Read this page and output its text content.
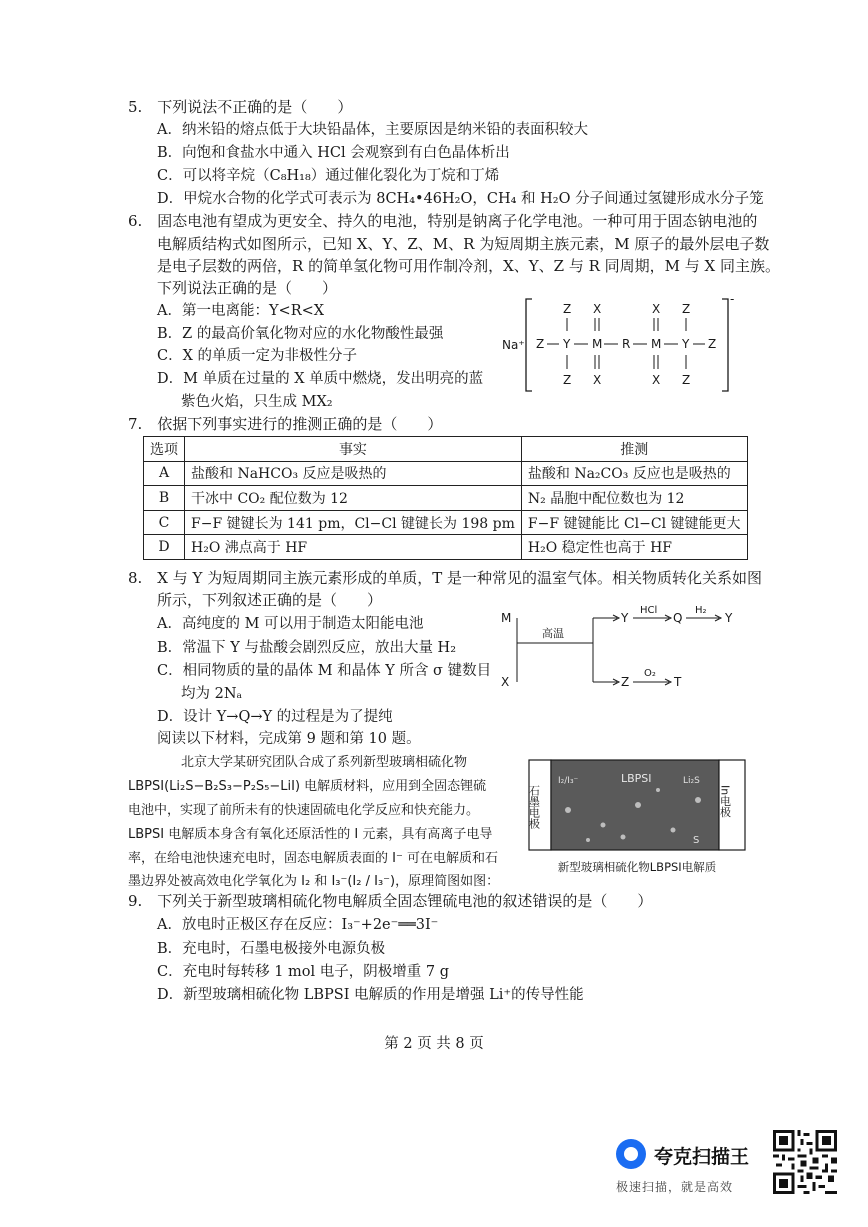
5.　下列说法不正确的是（　　）
A．纳米铅的熔点低于大块铅晶体，主要原因是纳米铅的表面积较大
B．向饱和食盐水中通入 HCl 会观察到有白色晶体析出
C．可以将辛烷（C₈H₁₈）通过催化裂化为丁烷和丁烯
D．甲烷水合物的化学式可表示为 8CH₄•46H₂O，CH₄ 和 H₂O 分子间通过氢键形成水分子笼
6.　固态电池有望成为更安全、持久的电池，特别是钠离子化学电池。一种可用于固态钠电池的
电解质结构式如图所示，已知 X、Y、Z、M、R 为短周期主族元素，M 原子的最外层电子数
是电子层数的两倍，R 的简单氢化物可用作制冷剂，X、Y、Z 与 R 同周期，M 与 X 同主族。
下列说法正确的是（　　）
A．第一电离能：Y<R<X
B．Z 的最高价氧化物对应的水化物酸性最强
C．X 的单质一定为非极性分子
D．M 单质在过量的 X 单质中燃烧，发出明亮的蓝
紫色火焰，只生成 MX₂
Na⁺
-
Z X	X Z
Z Y M R M Y Z
Z X	X Z
7.　依据下列事实进行的推测正确的是（　　）
选项	事实	推测
A	盐酸和 NaHCO₃ 反应是吸热的	盐酸和 Na₂CO₃ 反应也是吸热的
B	干冰中 CO₂ 配位数为 12	N₂ 晶胞中配位数也为 12
C	F−F 键键长为 141 pm，Cl−Cl 键键长为 198 pm	F−F 键键能比 Cl−Cl 键键能更大
D	H₂O 沸点高于 HF	H₂O 稳定性也高于 HF
8.　X 与 Y 为短周期同主族元素形成的单质，T 是一种常见的温室气体。相关物质转化关系如图
所示，下列叙述正确的是（　　）
A．高纯度的 M 可以用于制造太阳能电池
B．常温下 Y 与盐酸会剧烈反应，放出大量 H₂
C．相同物质的量的晶体 M 和晶体 Y 所含 σ 键数目
均为 2Nₐ
D．设计 Y→Q→Y 的过程是为了提纯
M
X
高温
Y
HCl
Q
H₂
Y
Z
O₂
T
阅读以下材料，完成第 9 题和第 10 题。
北京大学某研究团队合成了系列新型玻璃相硫化物
LBPSI(Li₂S−B₂S₃−P₂S₅−LiI) 电解质材料，应用到全固态锂硫
电池中，实现了前所未有的快速固硫电化学反应和快充能力。
LBPSI 电解质本身含有氧化还原活性的 I 元素，具有高离子电导
率，在给电池快速充电时，固态电解质表面的 I⁻ 可在电解质和石
墨边界处被高效电化学氧化为 I₂ 和 I₃⁻(I₂ / I₃⁻)，原理简图如图：
石墨电极	In电极
LBPSI
I₂/I₃⁻	Li₂S
S
新型玻璃相硫化物LBPSI电解质
9.　下列关于新型玻璃相硫化物电解质全固态锂硫电池的叙述错误的是（　　）
A．放电时正极区存在反应：I₃⁻+2e⁻══3I⁻
B．充电时，石墨电极接外电源负极
C．充电时每转移 1 mol 电子，阴极增重 7 g
D．新型玻璃相硫化物 LBPSI 电解质的作用是增强 Li⁺的传导性能
第 2 页 共 8 页
夸克扫描王
极速扫描，就是高效
